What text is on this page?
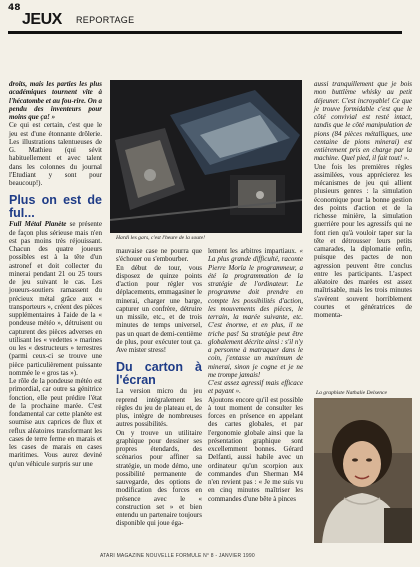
48
JEUX REPORTAGE

droits, mais les parties les plus académiques tournent vite à l'hécatombe et au fou-rire. On a pendu des inventeurs pour moins que ça! »

Ce qui est certain, c'est que le jeu est d'une étonnante drôlerie. Les illustrations talentueuses de G. Mathieu (qui sévit habituellement et avec talent dans les colonnes du journal l'Etudiant y sont pour beaucoup!).

Plus on est de fuI...

Full Métal Planète se présente de façon plus sérieuse mais n'en est pas moins très réjouissant. Chacun des quatre joueurs possibles est à la tête d'un astronef et doit collecter du minerai pendant 21 ou 25 tours de jeu suivant le cas. Les joueurs-soutiers ramassent du précieux métal grâce aux « transporteurs », créent des pièces supplémentaires à l'aide de la « pondeuse météo », détruisent ou capturent des pièces adverses en utilisant les « vedettes » marines ou les « destructeurs » terrestres (parmi ceux-ci se trouve une pièce particulièrement puissante nommée le « gros tas »).

Le rôle de la pondeuse météo est primordial, car outre sa génitrice fonction, elle peut prédire l'état de la prochaine marée. C'est fondamental car cette planète est soumise aux caprices de flux et reflux aléatoires transformant les cases de terre ferme en marais et les cases de marais en cases maritimes. Vous aurez deviné qu'un véhicule surpris sur une

Hardi les gars, c'est l'heure de la soute!

mauvaise case ne pourra que s'échouer ou s'embourber.

En début de tour, vous disposez de quinze points d'action pour régler vos déplacements, emmagasiner le minerai, charger une barge, capturer un confrère, détruire un missile, etc., et de trois minutes de temps universel, pas un quart de demi-centième de plus, pour exécuter tout ça. Ave mister stress!

Du carton à l'écran

La version micro du jeu reprend intégralement les règles du jeu de plateau et, de plus, intègre de nombreuses autres possibilités.

On y trouve un utilitaire graphique pour dessiner ses propres étendards, des scénarios pour affiner sa stratégie, un mode démo, une possibilité permanente de sauvegarde, des options de modification des forces en présence avec le « construction set » et bien entendu un partenaire toujours disponible qui joue éga-

lement les arbitres impartiaux. « La plus grande difficulté, raconte Pierre Morla le programmeur, a été la programmation de la stratégie de l'ordinateur. Le programme doit prendre en compte les possibilités d'action, les mouvements des pièces, le terrain, la marée suivante, etc. C'est énorme, et en plus, il ne triche pas! Sa stratégie peut être globalement décrite ainsi : s'il n'y a personne à matraquer dans le coin, j'entasse un maximum de minerai, sinon je cogne et je ne me trompe jamais!

C'est assez agressif mais efficace et payant ».

Ajoutons encore qu'il est possible à tout moment de consulter les forces en présence en appelant des cartes globales, et par l'ergonomie globale ainsi que la présentation graphique sont excellemment bonnes. Gérard Delfanti, aussi habile avec un ordinateur qu'un scorpion aux commandes d'un Sherman M4 n'en revient pas : « Je me suis vu en cinq minutes maîtriser les commandes d'une bête à pinces

aussi tranquillement que je bois mon buttlème whisky au petit déjeuner. C'est incroyable! Ce que je trouve formidable c'est que le côté convivial est resté intact, tandis que le côté manipulation de pions (84 pièces métalliques, une centaine de pions minerai) est entièrement pris en charge par la machine. Quel pied, il fait tout! ».

Une fois les premières règles assimilées, vous apprécierez les mécanismes de jeu qui allient plusieurs genres : la simulation économique pour la bonne gestion des points d'action et de la richesse minière, la simulation guerrière pour les agressifs qui ne font rien qu'à vouloir taper sur la tête et détrousser leurs petits camarades, la diplomatie enfin, puisque des pactes de non agression peuvent être conclus entre les participants. L'aspect aléatoire des marées est assez maîtrisable, mais les trois minutes s'avèrent souvent horriblement courtes et génératrices de momenta-

La graphiste Nathalie Delsence
ATARI MAGAZINE NOUVELLE FORMULE N° 8 - JANVIER 1990
